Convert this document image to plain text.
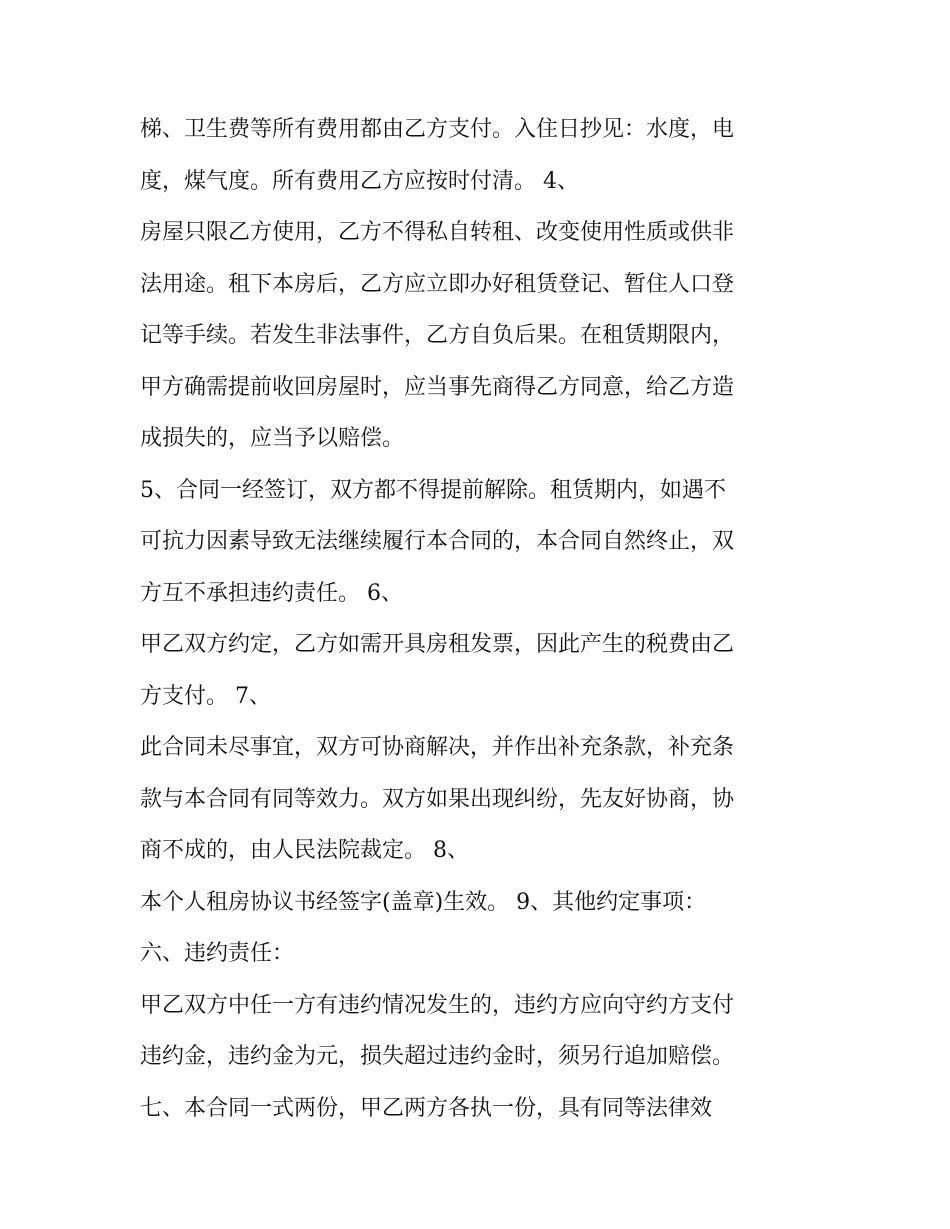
梯、卫生费等所有费用都由乙方支付。入住日抄见：水度，电
度，煤气度。所有费用乙方应按时付清。 4、
房屋只限乙方使用，乙方不得私自转租、改变使用性质或供非
法用途。租下本房后，乙方应立即办好租赁登记、暂住人口登
记等手续。若发生非法事件，乙方自负后果。在租赁期限内，
甲方确需提前收回房屋时，应当事先商得乙方同意，给乙方造
成损失的，应当予以赔偿。
5、合同一经签订，双方都不得提前解除。租赁期内，如遇不
可抗力因素导致无法继续履行本合同的，本合同自然终止，双
方互不承担违约责任。 6、
甲乙双方约定，乙方如需开具房租发票，因此产生的税费由乙
方支付。 7、
此合同未尽事宜，双方可协商解决，并作出补充条款，补充条
款与本合同有同等效力。双方如果出现纠纷，先友好协商，协
商不成的，由人民法院裁定。 8、
本个人租房协议书经签字(盖章)生效。 9、其他约定事项：
六、违约责任：
甲乙双方中任一方有违约情况发生的，违约方应向守约方支付
违约金，违约金为元，损失超过违约金时，须另行追加赔偿。
七、本合同一式两份，甲乙两方各执一份，具有同等法律效
